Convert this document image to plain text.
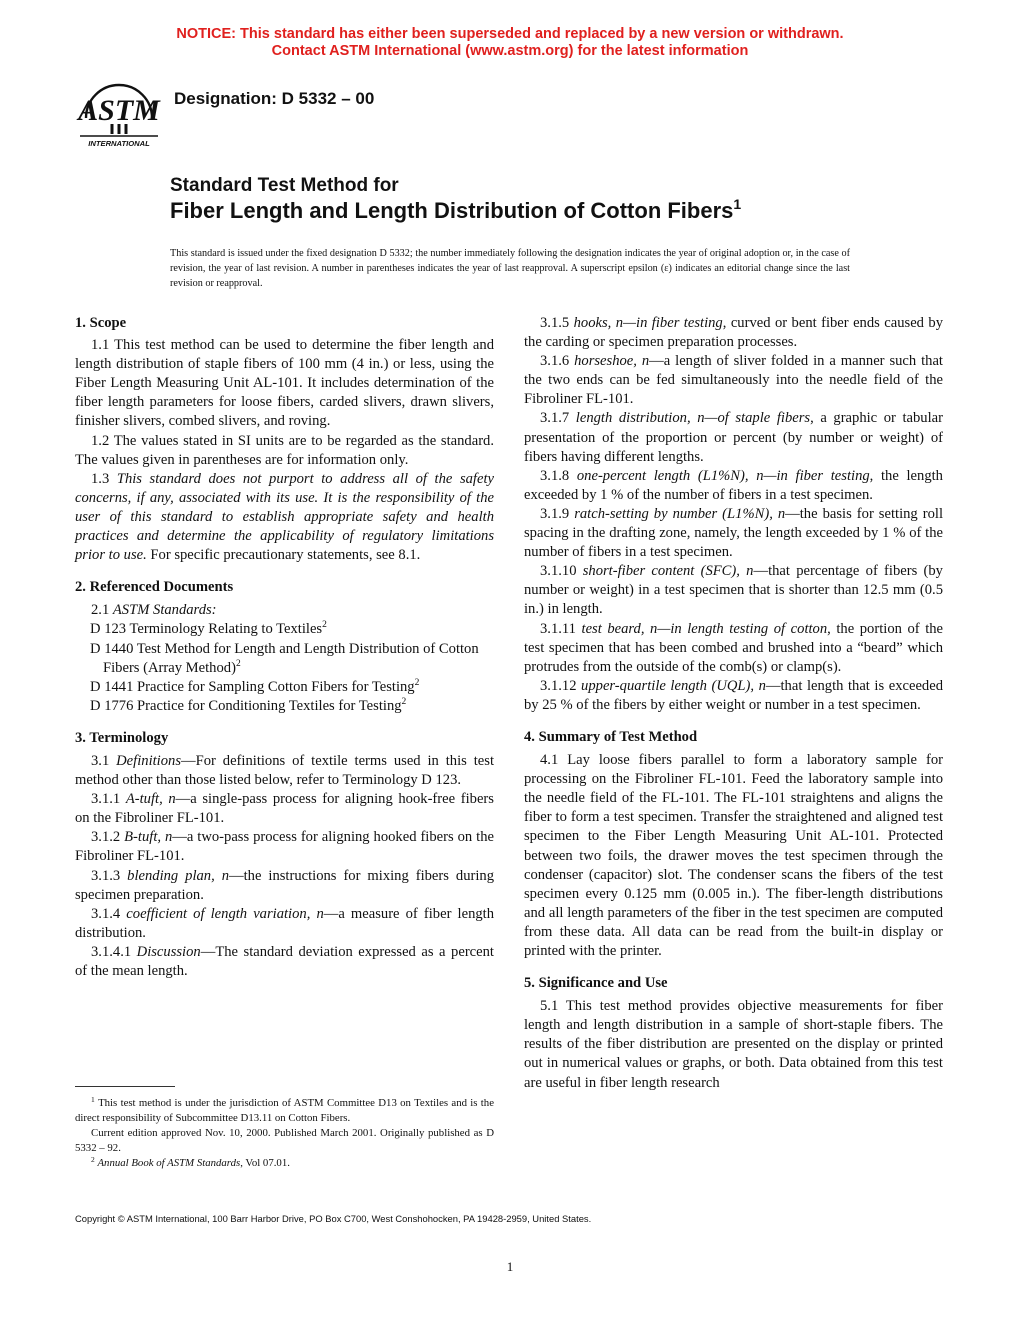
NOTICE: This standard has either been superseded and replaced by a new version or withdrawn.
Contact ASTM International (www.astm.org) for the latest information
ASTM
INTERNATIONAL
Designation: D 5332 – 00
Standard Test Method for
Fiber Length and Length Distribution of Cotton Fibers$^1$
This standard is issued under the fixed designation D 5332; the number immediately following the designation indicates the year of original adoption or, in the case of revision, the year of last revision. A number in parentheses indicates the year of last reapproval. A superscript epsilon (ε) indicates an editorial change since the last revision or reapproval.
1. Scope

1.1 This test method can be used to determine the fiber length and length distribution of staple fibers of 100 mm (4 in.) or less, using the Fiber Length Measuring Unit AL-101. It includes determination of the fiber length parameters for loose fibers, carded slivers, drawn slivers, finisher slivers, combed slivers, and roving.

1.2 The values stated in SI units are to be regarded as the standard. The values given in parentheses are for information only.

1.3 This standard does not purport to address all of the safety concerns, if any, associated with its use. It is the responsibility of the user of this standard to establish appropriate safety and health practices and determine the applicability of regulatory limitations prior to use. For specific precautionary statements, see 8.1.

2. Referenced Documents

2.1 ASTM Standards:

D 123 Terminology Relating to Textiles$^2$

D 1440 Test Method for Length and Length Distribution of Cotton Fibers (Array Method)$^2$

D 1441 Practice for Sampling Cotton Fibers for Testing$^2$

D 1776 Practice for Conditioning Textiles for Testing$^2$

3. Terminology

3.1 Definitions—For definitions of textile terms used in this test method other than those listed below, refer to Terminology D 123.

3.1.1 A-tuft, n—a single-pass process for aligning hook-free fibers on the Fibroliner FL-101.

3.1.2 B-tuft, n—a two-pass process for aligning hooked fibers on the Fibroliner FL-101.

3.1.3 blending plan, n—the instructions for mixing fibers during specimen preparation.

3.1.4 coefficient of length variation, n—a measure of fiber length distribution.

3.1.4.1 Discussion—The standard deviation expressed as a percent of the mean length.

3.1.5 hooks, n—in fiber testing, curved or bent fiber ends caused by the carding or specimen preparation processes.

3.1.6 horseshoe, n—a length of sliver folded in a manner such that the two ends can be fed simultaneously into the needle field of the Fibroliner FL-101.

3.1.7 length distribution, n—of staple fibers, a graphic or tabular presentation of the proportion or percent (by number or weight) of fibers having different lengths.

3.1.8 one-percent length (L1%N), n—in fiber testing, the length exceeded by 1 % of the number of fibers in a test specimen.

3.1.9 ratch-setting by number (L1%N), n—the basis for setting roll spacing in the drafting zone, namely, the length exceeded by 1 % of the number of fibers in a test specimen.

3.1.10 short-fiber content (SFC), n—that percentage of fibers (by number or weight) in a test specimen that is shorter than 12.5 mm (0.5 in.) in length.

3.1.11 test beard, n—in length testing of cotton, the portion of the test specimen that has been combed and brushed into a “beard” which protrudes from the outside of the comb(s) or clamp(s).

3.1.12 upper-quartile length (UQL), n—that length that is exceeded by 25 % of the fibers by either weight or number in a test specimen.

4. Summary of Test Method

4.1 Lay loose fibers parallel to form a laboratory sample for processing on the Fibroliner FL-101. Feed the laboratory sample into the needle field of the FL-101. The FL-101 straightens and aligns the fiber to form a test specimen. Transfer the straightened and aligned test specimen to the Fiber Length Measuring Unit AL-101. Protected between two foils, the drawer moves the test specimen through the condenser (capacitor) slot. The condenser scans the fibers of the test specimen every 0.125 mm (0.005 in.). The fiber-length distributions and all length parameters of the fiber in the test specimen are computed from these data. All data can be read from the built-in display or printed with the printer.

5. Significance and Use

5.1 This test method provides objective measurements for fiber length and length distribution in a sample of short-staple fibers. The results of the fiber distribution are presented on the display or printed out in numerical values or graphs, or both. Data obtained from this test are useful in fiber length research

$^1$ This test method is under the jurisdiction of ASTM Committee D13 on Textiles and is the direct responsibility of Subcommittee D13.11 on Cotton Fibers.

Current edition approved Nov. 10, 2000. Published March 2001. Originally published as D 5332 – 92.

$^2$ Annual Book of ASTM Standards, Vol 07.01.

Copyright © ASTM International, 100 Barr Harbor Drive, PO Box C700, West Conshohocken, PA 19428-2959, United States.
1
